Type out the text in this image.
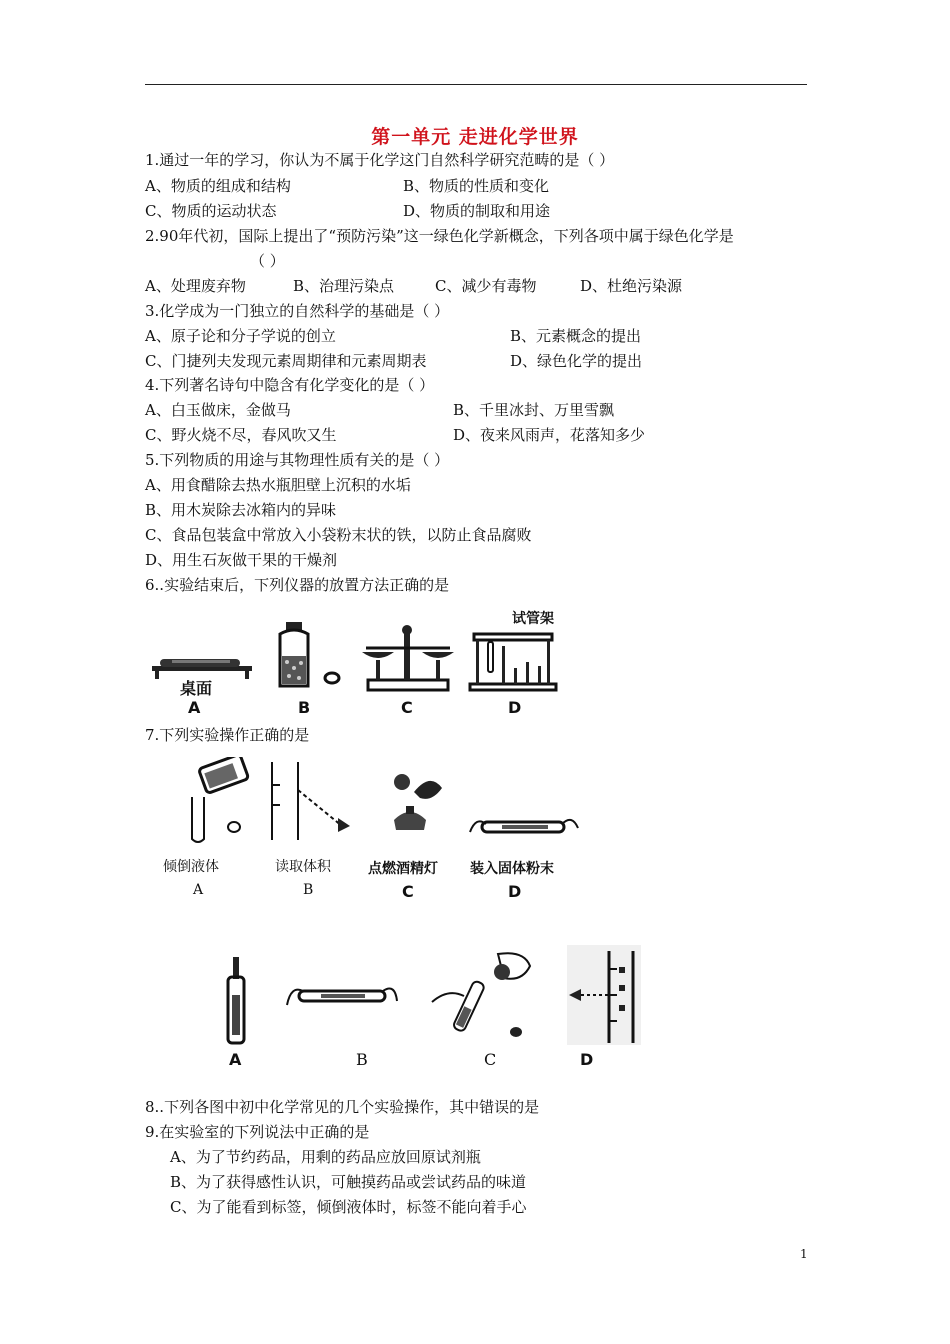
第一单元 走进化学世界
1.通过一年的学习，你认为不属于化学这门自然科学研究范畴的是（ ）
A、物质的组成和结构	B、物质的性质和变化
C、物质的运动状态	D、物质的制取和用途
2.90年代初，国际上提出了“预防污染”这一绿色化学新概念，下列各项中属于绿色化学是
（ ）
A、处理废弃物	B、治理污染点	C、减少有毒物	D、杜绝污染源
3.化学成为一门独立的自然科学的基础是（ ）
A、原子论和分子学说的创立	B、元素概念的提出
C、门捷列夫发现元素周期律和元素周期表	D、绿色化学的提出
4.下列著名诗句中隐含有化学变化的是（ ）
A、白玉做床，金做马	B、千里冰封、万里雪飘
C、野火烧不尽，春风吹又生	D、夜来风雨声，花落知多少
5.下列物质的用途与其物理性质有关的是（ ）
A、用食醋除去热水瓶胆壁上沉积的水垢
B、用木炭除去冰箱内的异味
C、食品包装盒中常放入小袋粉末状的铁，以防止食品腐败
D、用生石灰做干果的干燥剂
6..实验结束后，下列仪器的放置方法正确的是
桌面
A	B	C
试管架
D
7.下列实验操作正确的是
倾倒液体
A
读取体积
B
点燃酒精灯
C
装入固体粉末
D
A	B	C	D
8..下列各图中初中化学常见的几个实验操作，其中错误的是
9.在实验室的下列说法中正确的是
A、为了节约药品，用剩的药品应放回原试剂瓶
B、为了获得感性认识，可触摸药品或尝试药品的味道
C、为了能看到标签，倾倒液体时，标签不能向着手心
1
